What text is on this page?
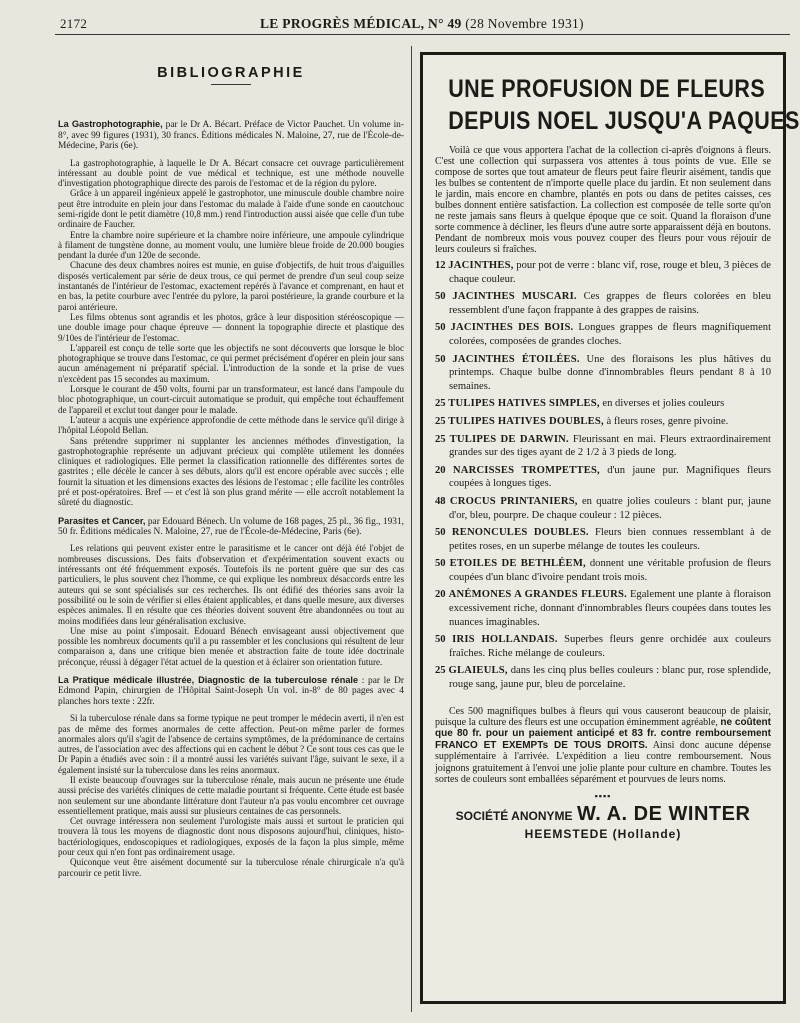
2172	LE PROGRÈS MÉDICAL, N° 49 (28 Novembre 1931)
BIBLIOGRAPHIE
La Gastrophotographie, par le Dr A. Bécart. Préface de Victor Pauchet. Un volume in-8°, avec 99 figures (1931), 30 francs. Éditions médicales N. Maloine, 27, rue de l'École-de-Médecine, Paris (6e).

La gastrophotographie, à laquelle le Dr A. Bécart consacre cet ouvrage particulièrement intéressant au double point de vue médical et technique, est une méthode nouvelle d'investigation photographique directe des parois de l'estomac et de la région du pylore.

Grâce à un appareil ingénieux appelé le gastrophotor, une minuscule double chambre noire peut être introduite en plein jour dans l'estomac du malade à l'aide d'une sonde en caoutchouc semi-rigide dont le petit diamètre (10,8 mm.) rend l'introduction aussi aisée que celle d'un tube ordinaire de Faucher.

Entre la chambre noire supérieure et la chambre noire inférieure, une ampoule cylindrique à filament de tungstène donne, au moment voulu, une lumière bleue froide de 20.000 bougies pendant la durée d'un 120e de seconde.

Chacune des deux chambres noires est munie, en guise d'objectifs, de huit trous d'aiguilles disposés verticalement par série de deux trous, ce qui permet de prendre d'un seul coup seize instantanés de l'intérieur de l'estomac, exactement repérés à l'avance et comprenant, en haut et en bas, la petite courbure avec l'entrée du pylore, la paroi postérieure, la grande courbure et la paroi antérieure.

Les films obtenus sont agrandis et les photos, grâce à leur disposition stéréoscopique — une double image pour chaque épreuve — donnent la topographie directe et plastique des 9/10es de l'intérieur de l'estomac.

L'appareil est conçu de telle sorte que les objectifs ne sont découverts que lorsque le bloc photographique se trouve dans l'estomac, ce qui permet précisément d'opérer en plein jour sans aucun aménagement ni préparatif spécial. L'introduction de la sonde et la prise de vues n'excèdent pas 15 secondes au maximum.

Lorsque le courant de 450 volts, fourni par un transformateur, est lancé dans l'ampoule du bloc photographique, un court-circuit automatique se produit, qui empêche tout échauffement de l'appareil et exclut tout danger pour le malade.

L'auteur a acquis une expérience approfondie de cette méthode dans le service qu'il dirige à l'hôpital Léopold Bellan.

Sans prétendre supprimer ni supplanter les anciennes méthodes d'investigation, la gastrophotographie représente un adjuvant précieux qui complète utilement les données cliniques et radiologiques. Elle permet la classification rationnelle des différentes sortes de gastrites ; elle décèle le cancer à ses débuts, alors qu'il est encore opérable avec succès ; elle fournit la situation et les dimensions exactes des lésions de l'estomac ; elle facilite les contrôles pré et post-opératoires. Bref — et c'est là son plus grand mérite — elle accroît notablement la sûreté du diagnostic.

Parasites et Cancer, par Edouard Bénech. Un volume de 168 pages, 25 pl., 36 fig., 1931, 50 fr. Éditions médicales N. Maloine, 27, rue de l'École-de-Médecine, Paris (6e).

Les relations qui peuvent exister entre le parasitisme et le cancer ont déjà été l'objet de nombreuses discussions. Des faits d'observation et d'expérimentation souvent exacts ou intéressants ont été fréquemment exposés. Toutefois ils ne portent guère que sur des cas particuliers, le plus souvent chez l'homme, ce qui explique les nombreux désaccords entre les auteurs qui se sont spécialisés sur ces recherches. Ils ont édifié des théories sans avoir la possibilité ou le soin de vérifier si elles étaient applicables, et dans quelle mesure, aux diverses espèces animales. Il en résulte que ces théories doivent souvent être abandonnées ou tout au moins modifiées dans leur généralisation exclusive.

Une mise au point s'imposait. Edouard Bénech envisageant aussi objectivement que possible les nombreux documents qu'il a pu rassembler et les conclusions qui résultent de leur comparaison a, dans une critique bien menée et abstraction faite de toute idée doctrinale préconçue, réussi à dégager l'état actuel de la question et à éclairer son orientation future.

La Pratique médicale illustrée, Diagnostic de la tuberculose rénale : par le Dr Edmond Papin, chirurgien de l'Hôpital Saint-Joseph Un vol. in-8° de 80 pages avec 4 planches hors texte : 22fr.

Si la tuberculose rénale dans sa forme typique ne peut tromper le médecin averti, il n'en est pas de même des formes anormales de cette affection. Peut-on même parler de formes anormales alors qu'il s'agit de l'absence de certains symptômes, de la prédominance de certains autres, de l'association avec des affections qui en cachent le début ? Ce sont tous ces cas que le Dr Papin a étudiés avec soin : il a montré aussi les variétés suivant l'âge, suivant le sexe, il a également insisté sur la tuberculose dans les reins anormaux.

Il existe beaucoup d'ouvrages sur la tuberculose rénale, mais aucun ne présente une étude aussi précise des variétés cliniques de cette maladie pourtant si fréquente. Cette étude est basée non seulement sur une abondante littérature dont l'auteur n'a pas voulu encombrer cet ouvrage essentiellement pratique, mais aussi sur plusieurs centaines de cas personnels.

Cet ouvrage intéressera non seulement l'urologiste mais aussi et surtout le praticien qui trouvera là tous les moyens de diagnostic dont nous disposons aujourd'hui, cliniques, histo-bactériologiques, endoscopiques et radiologiques, exposés de la façon la plus simple, même pour ceux qui n'en font pas ordinairement usage.

Quiconque veut être aisément documenté sur la tuberculose rénale chirurgicale n'a qu'à parcourir ce petit livre.

UNE PROFUSION DE FLEURS
DEPUIS NOEL JUSQU'A PAQUES
Voilà ce que vous apportera l'achat de la collection ci-après d'oignons à fleurs. C'est une collection qui surpassera vos attentes à tous points de vue. Elle se compose de sortes que tout amateur de fleurs peut faire fleurir aisément, tandis que les bulbes se contentent de n'importe quelle place du jardin. Et non seulement dans le jardin, mais encore en chambre, plantés en pots ou dans de petites caisses, ces bulbes donnent entière satisfaction. La collection est composée de telle sorte qu'on ne reste jamais sans fleurs à quelque époque que ce soit. Quand la floraison d'une sorte commence à décliner, les fleurs d'une autre sorte apparaissent déjà en boutons. Pendant de nombreux mois vous pouvez couper des fleurs pour vous réjouir de leurs couleurs si fraîches.
12 JACINTHES, pour pot de verre : blanc vif, rose, rouge et bleu, 3 pièces de chaque couleur.
50 JACINTHES MUSCARI. Ces grappes de fleurs colorées en bleu ressemblent d'une façon frappante à des grappes de raisins.
50 JACINTHES DES BOIS. Longues grappes de fleurs magnifiquement colorées, composées de grandes cloches.
50 JACINTHES ÉTOILÉES. Une des floraisons les plus hâtives du printemps. Chaque bulbe donne d'innombrables fleurs pendant 8 à 10 semaines.
25 TULIPES HATIVES SIMPLES, en diverses et jolies couleurs
25 TULIPES HATIVES DOUBLES, à fleurs roses, genre pivoine.
25 TULIPES DE DARWIN. Fleurissant en mai. Fleurs extraordinairement grandes sur des tiges ayant de 2 1/2 à 3 pieds de long.
20 NARCISSES TROMPETTES, d'un jaune pur. Magnifiques fleurs coupées à longues tiges.
48 CROCUS PRINTANIERS, en quatre jolies couleurs : blant pur, jaune d'or, bleu, pourpre. De chaque couleur : 12 pièces.
50 RENONCULES DOUBLES. Fleurs bien connues ressemblant à de petites roses, en un superbe mélange de toutes les couleurs.
50 ETOILES DE BETHLÉEM, donnent une véritable profusion de fleurs coupées d'un blanc d'ivoire pendant trois mois.
20 ANÉMONES A GRANDES FLEURS. Egalement une plante à floraison excessivement riche, donnant d'innombrables fleurs coupées dans toutes les nuances imaginables.
50 IRIS HOLLANDAIS. Superbes fleurs genre orchidée aux couleurs fraîches. Riche mélange de couleurs.
25 GLAIEULS, dans les cinq plus belles couleurs : blanc pur, rose splendide, rouge sang, jaune pur, bleu de porcelaine.
Ces 500 magnifiques bulbes à fleurs qui vous causeront beaucoup de plaisir, puisque la culture des fleurs est une occupation éminemment agréable, ne coûtent que 80 fr. pour un paiement anticipé et 83 fr. contre remboursement FRANCO ET EXEMPTs DE TOUS DROITS. Ainsi donc aucune dépense supplémentaire à l'arrivée. L'expédition a lieu contre remboursement. Nous joignons gratuitement à l'envoi une jolie plante pour culture en chambre. Toutes les sortes de couleurs sont emballées séparément et pourvues de leurs noms.
▪▪▪▪
SOCIÉTÉ ANONYME W. A. DE WINTER
HEEMSTEDE (Hollande)
